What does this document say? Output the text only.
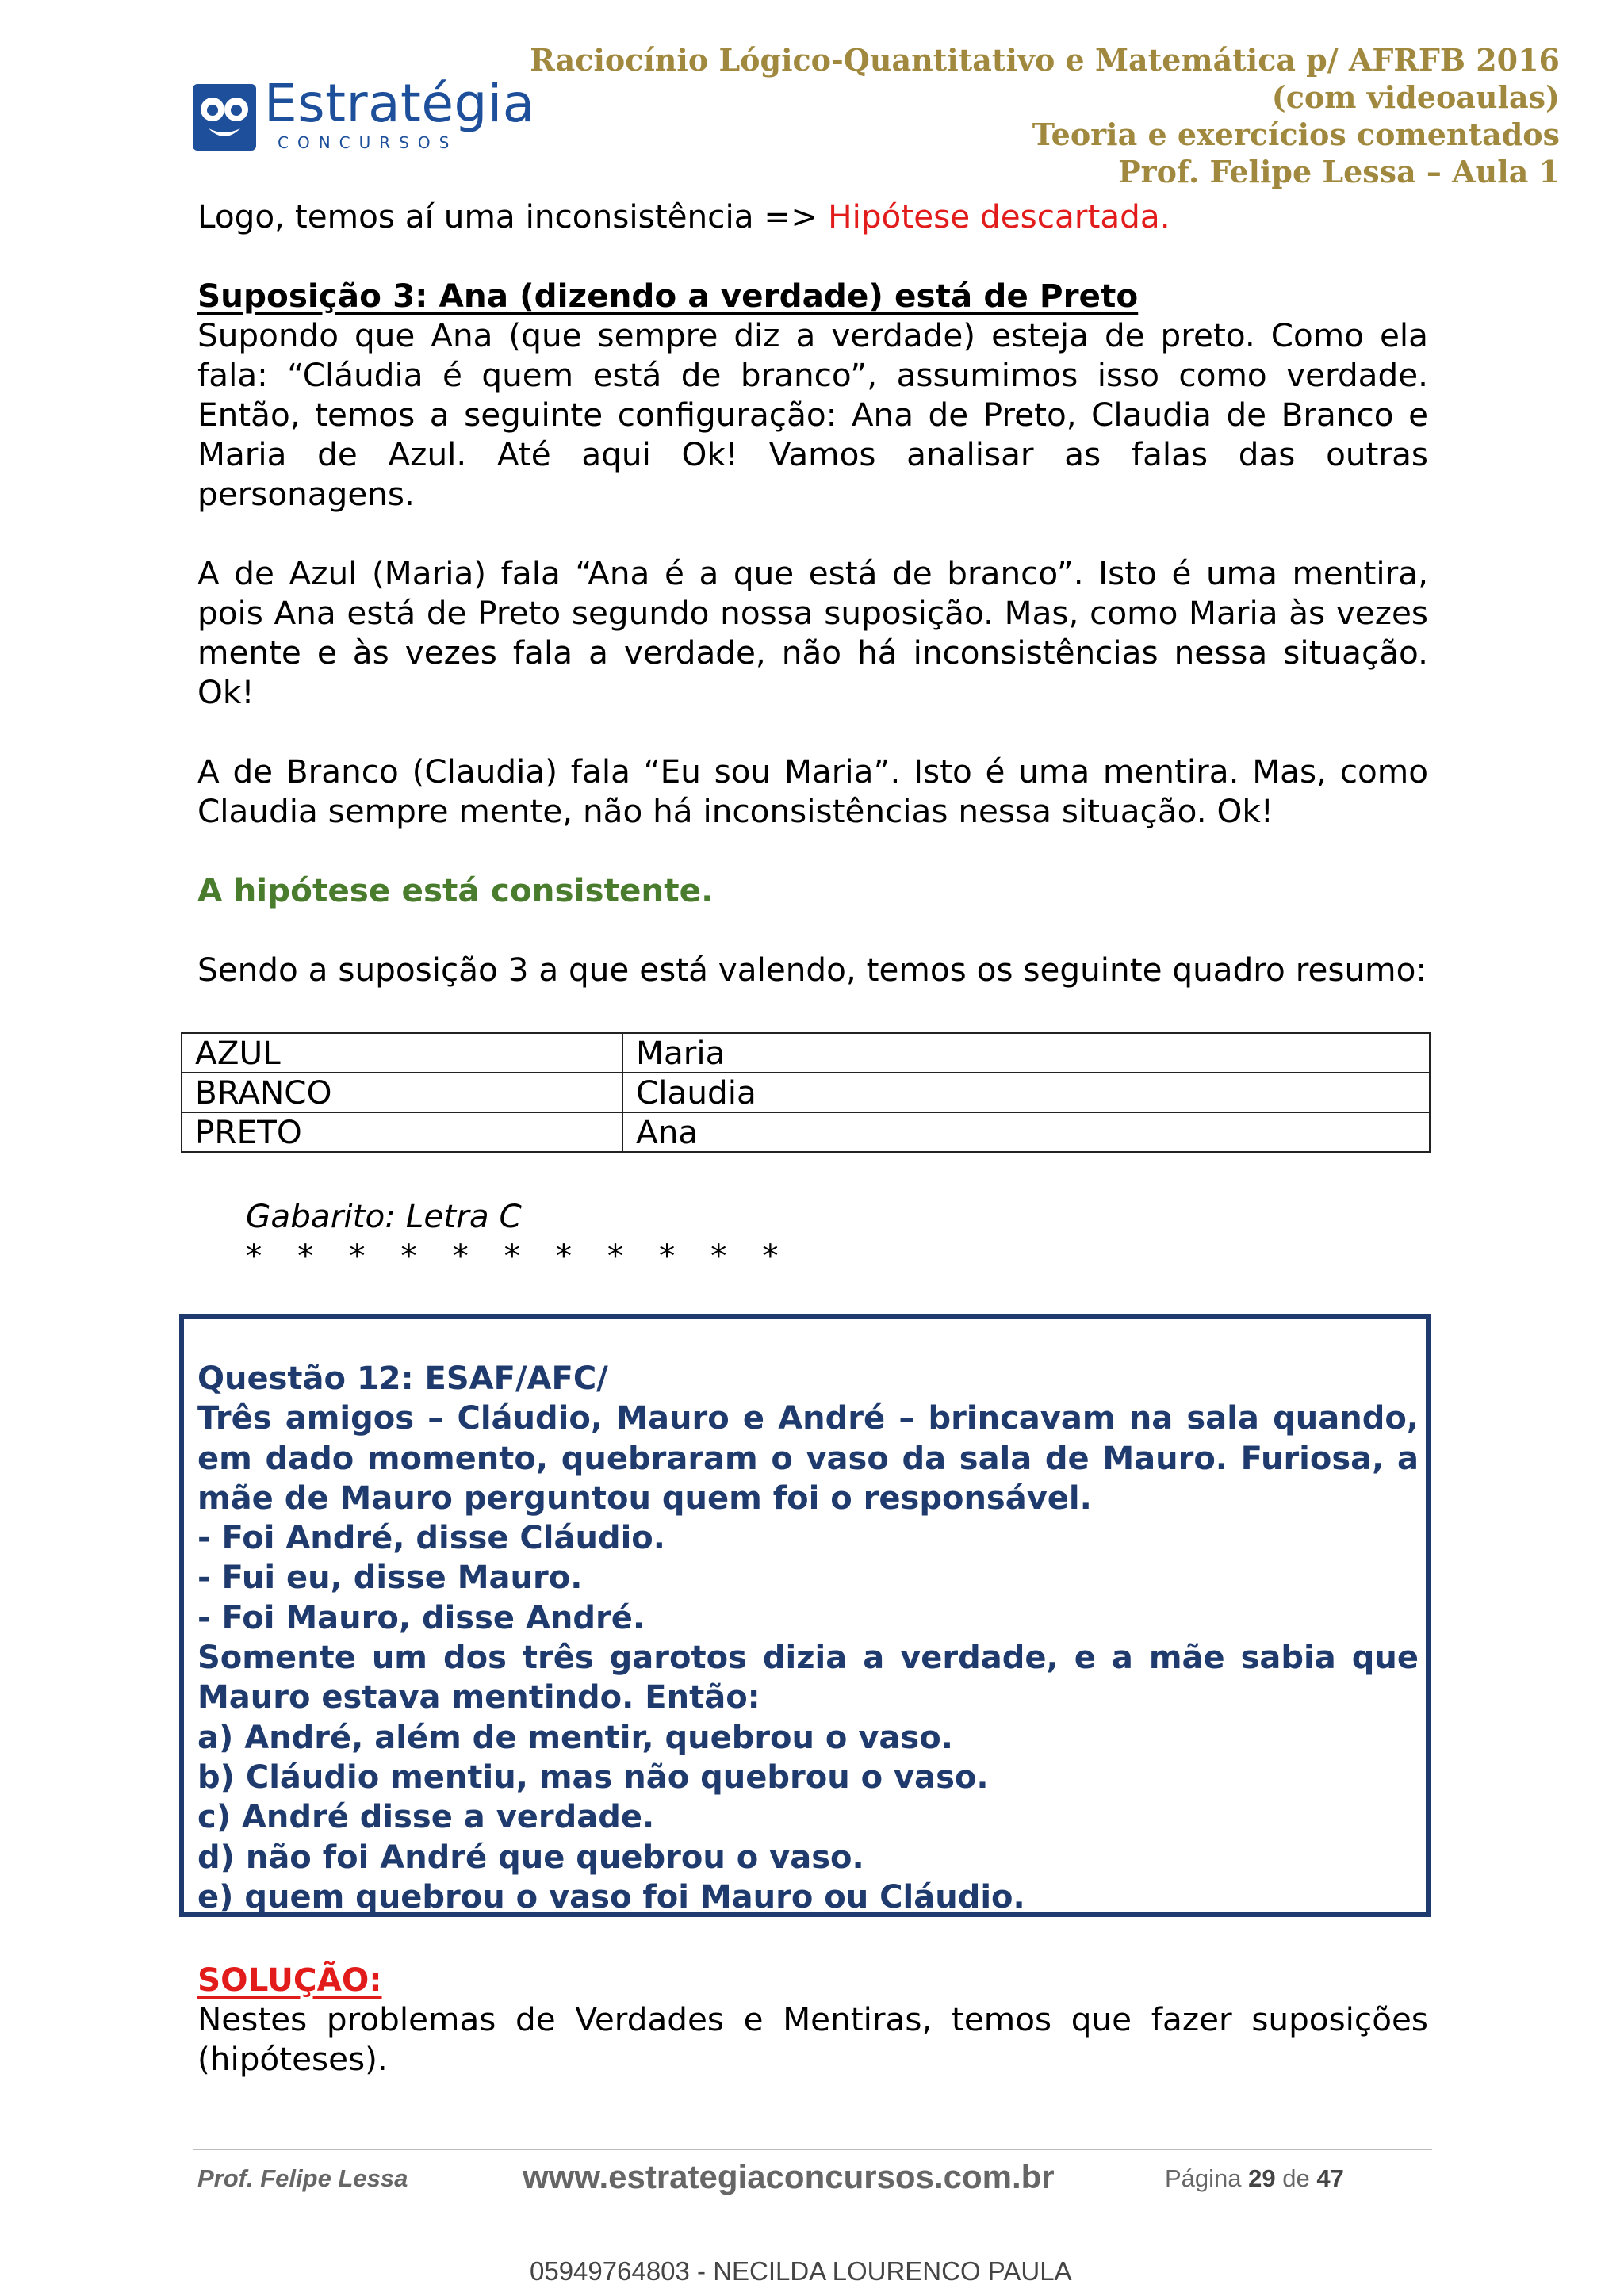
Estratégia
CONCURSOS
Raciocínio Lógico-Quantitativo e Matemática p/ AFRFB 2016
(com videoaulas)
Teoria e exercícios comentados
Prof. Felipe Lessa – Aula 1
Logo, temos aí uma inconsistência => Hipótese descartada.
Suposição 3: Ana (dizendo a verdade) está de Preto
Supondo que Ana (que sempre diz a verdade) esteja de preto. Como ela fala: “Cláudia é quem está de branco”, assumimos isso como verdade. Então, temos a seguinte configuração: Ana de Preto, Claudia de Branco e Maria de Azul. Até aqui Ok! Vamos analisar as falas das outras personagens.
A de Azul (Maria) fala “Ana é a que está de branco”. Isto é uma mentira, pois Ana está de Preto segundo nossa suposição. Mas, como Maria às vezes mente e às vezes fala a verdade, não há inconsistências nessa situação. Ok!
A de Branco (Claudia) fala “Eu sou Maria”. Isto é uma mentira. Mas, como Claudia sempre mente, não há inconsistências nessa situação. Ok!
A hipótese está consistente.
Sendo a suposição 3 a que está valendo, temos os seguinte quadro resumo:
AZUL	Maria
BRANCO	Claudia
PRETO	Ana
Gabarito: Letra C
* * * * * * * * * * *
Questão 12: ESAF/AFC/
Três amigos – Cláudio, Mauro e André – brincavam na sala quando, em dado momento, quebraram o vaso da sala de Mauro. Furiosa, a mãe de Mauro perguntou quem foi o responsável.
- Foi André, disse Cláudio.
- Fui eu, disse Mauro.
- Foi Mauro, disse André.
Somente um dos três garotos dizia a verdade, e a mãe sabia que Mauro estava mentindo. Então:
a) André, além de mentir, quebrou o vaso.
b) Cláudio mentiu, mas não quebrou o vaso.
c) André disse a verdade.
d) não foi André que quebrou o vaso.
e) quem quebrou o vaso foi Mauro ou Cláudio.
SOLUÇÃO:
Nestes problemas de Verdades e Mentiras, temos que fazer suposições (hipóteses).
Prof. Felipe Lessa	www.estrategiaconcursos.com.br	Página 29 de 47
05949764803 - NECILDA LOURENCO PAULA
